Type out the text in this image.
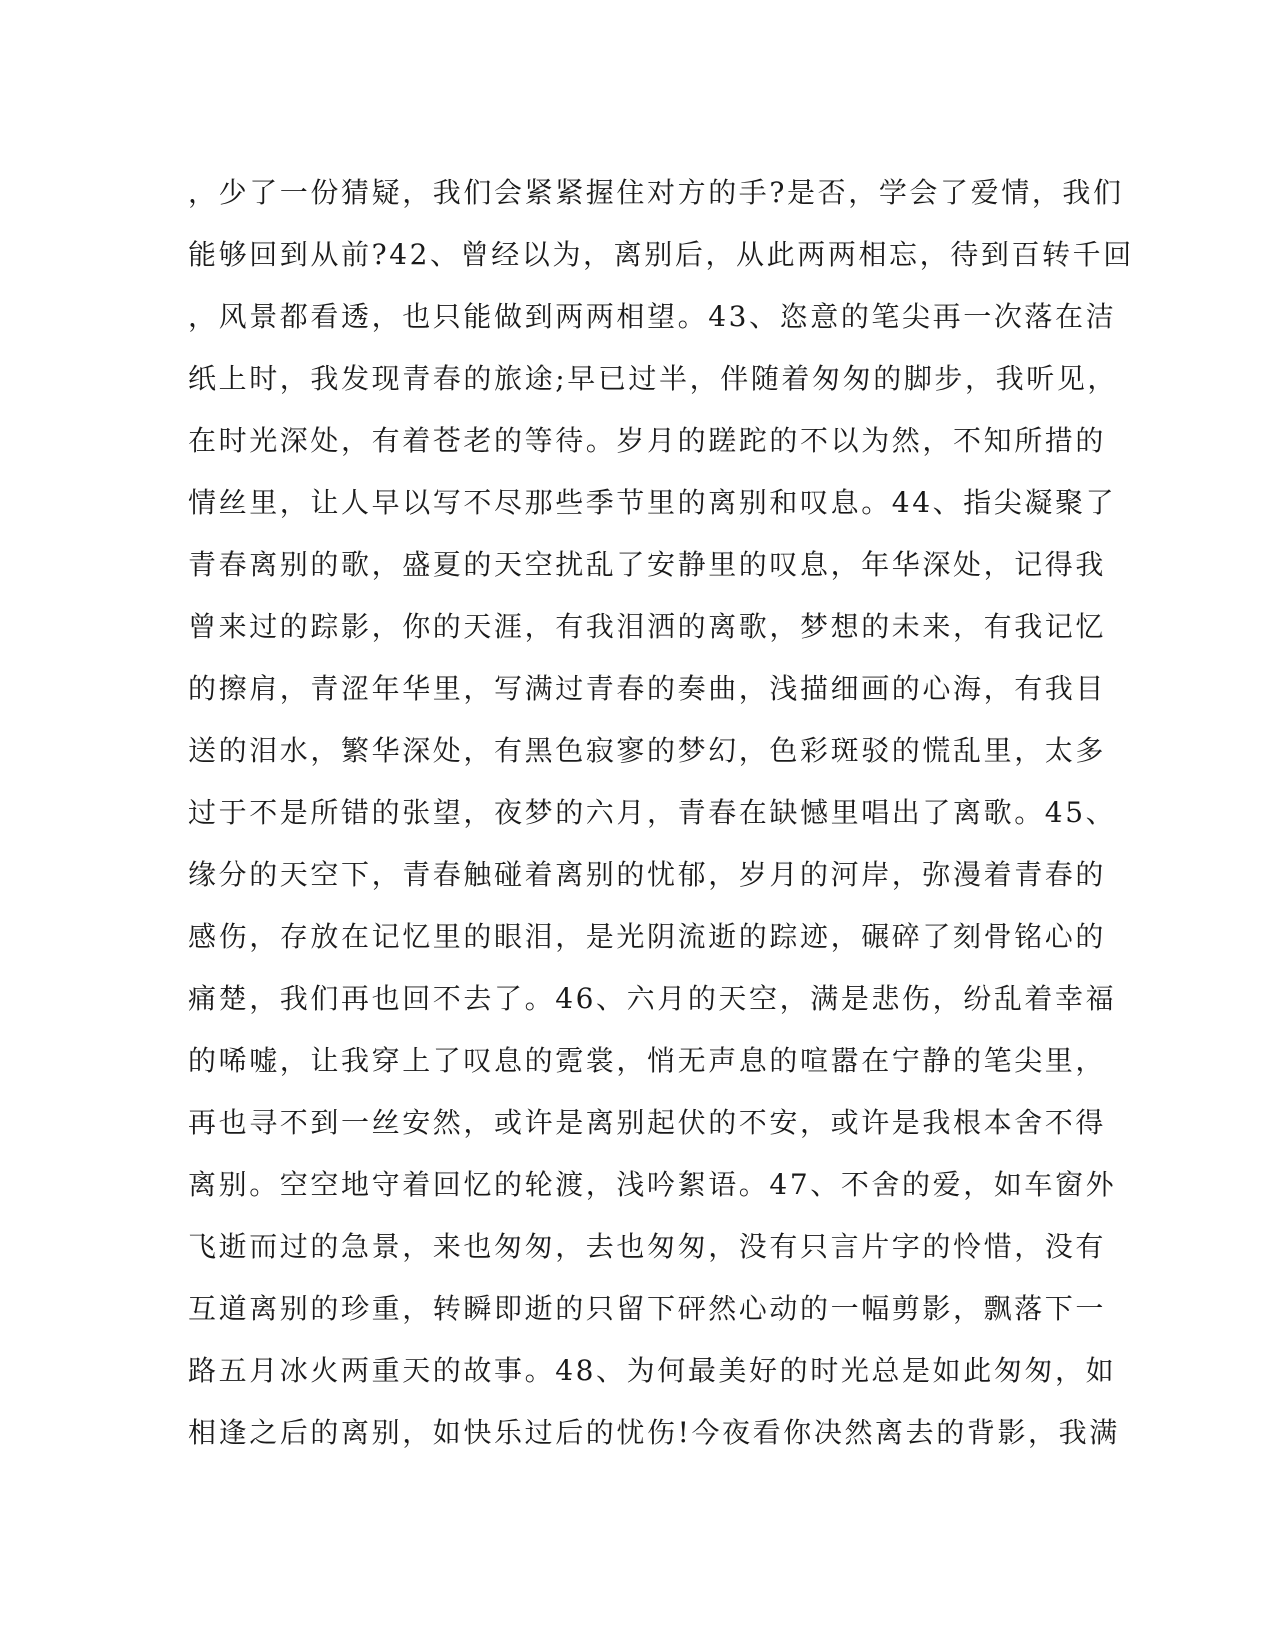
，少了一份猜疑，我们会紧紧握住对方的手?是否，学会了爱情，我们
能够回到从前?42、曾经以为，离别后，从此两两相忘，待到百转千回
，风景都看透，也只能做到两两相望。43、恣意的笔尖再一次落在洁
纸上时，我发现青春的旅途;早已过半，伴随着匆匆的脚步，我听见，
在时光深处，有着苍老的等待。岁月的蹉跎的不以为然，不知所措的
情丝里，让人早以写不尽那些季节里的离别和叹息。44、指尖凝聚了
青春离别的歌，盛夏的天空扰乱了安静里的叹息，年华深处，记得我
曾来过的踪影，你的天涯，有我泪洒的离歌，梦想的未来，有我记忆
的擦肩，青涩年华里，写满过青春的奏曲，浅描细画的心海，有我目
送的泪水，繁华深处，有黑色寂寥的梦幻，色彩斑驳的慌乱里，太多
过于不是所错的张望，夜梦的六月，青春在缺憾里唱出了离歌。45、
缘分的天空下，青春触碰着离别的忧郁，岁月的河岸，弥漫着青春的
感伤，存放在记忆里的眼泪，是光阴流逝的踪迹，碾碎了刻骨铭心的
痛楚，我们再也回不去了。46、六月的天空，满是悲伤，纷乱着幸福
的唏嘘，让我穿上了叹息的霓裳，悄无声息的喧嚣在宁静的笔尖里，
再也寻不到一丝安然，或许是离别起伏的不安，或许是我根本舍不得
离别。空空地守着回忆的轮渡，浅吟絮语。47、不舍的爱，如车窗外
飞逝而过的急景，来也匆匆，去也匆匆，没有只言片字的怜惜，没有
互道离别的珍重，转瞬即逝的只留下砰然心动的一幅剪影，飘落下一
路五月冰火两重天的故事。48、为何最美好的时光总是如此匆匆，如
相逢之后的离别，如快乐过后的忧伤!今夜看你决然离去的背影，我满
